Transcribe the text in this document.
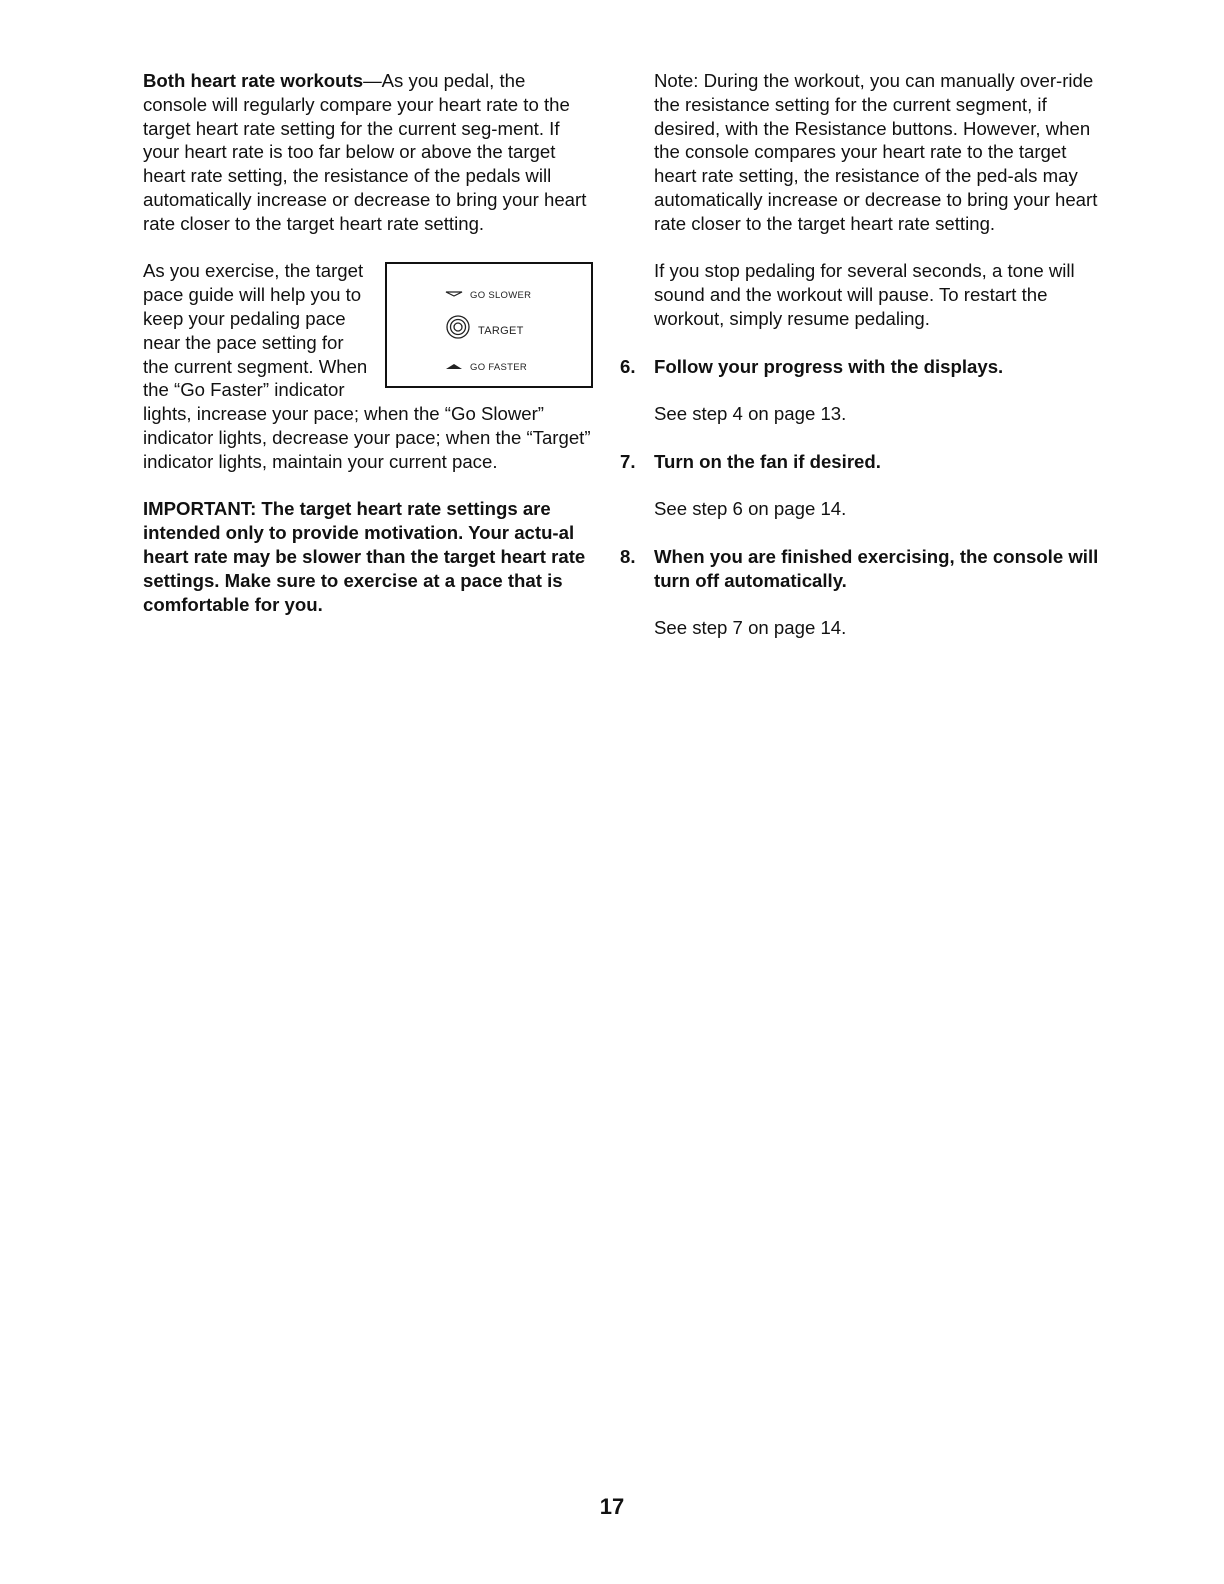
Both heart rate workouts—As you pedal, the console will regularly compare your heart rate to the target heart rate setting for the current seg-ment. If your heart rate is too far below or above the target heart rate setting, the resistance of the pedals will automatically increase or decrease to bring your heart rate closer to the target heart rate setting.

GO SLOWER
TARGET
GO FASTER
As you exercise, the target pace guide will help you to keep your pedaling pace near the pace setting for the current segment. When the “Go Faster” indicator lights, increase your pace; when the “Go Slower” indicator lights, decrease your pace; when the “Target” indicator lights, maintain your current pace.

IMPORTANT: The target heart rate settings are intended only to provide motivation. Your actu-al heart rate may be slower than the target heart rate settings. Make sure to exercise at a pace that is comfortable for you.

Note: During the workout, you can manually over-ride the resistance setting for the current segment, if desired, with the Resistance buttons. However, when the console compares your heart rate to the target heart rate setting, the resistance of the ped-als may automatically increase or decrease to bring your heart rate closer to the target heart rate setting.

If you stop pedaling for several seconds, a tone will sound and the workout will pause. To restart the workout, simply resume pedaling.

6. Follow your progress with the displays.

See step 4 on page 13.

7. Turn on the fan if desired.

See step 6 on page 14.

8. When you are finished exercising, the console will turn off automatically.

See step 7 on page 14.

17
